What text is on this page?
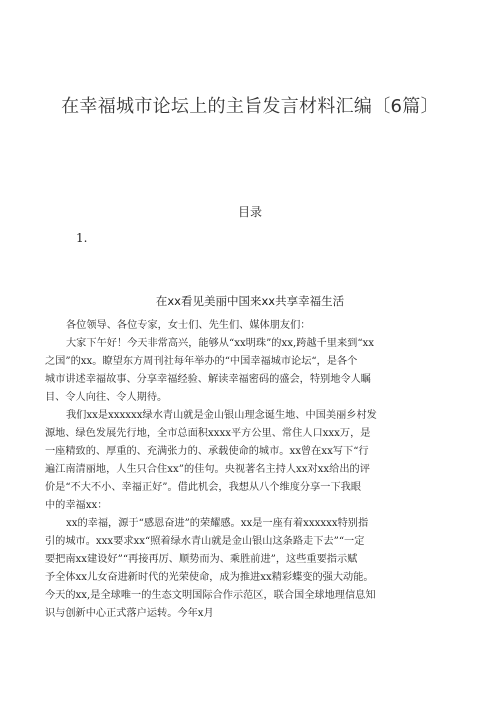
在幸福城市论坛上的主旨发言材料汇编〔6篇〕
目录
1.
在xx看见美丽中国来xx共享幸福生活
各位领导、各位专家，女士们、先生们、媒体朋友们：
大家下午好！今天非常高兴，能够从“xx明珠”的xx,跨越千里来到“xx
之国”的xx。瞭望东方周刊社每年举办的“中国幸福城市论坛“，是各个
城市讲述幸福故事、分享幸福经验、解读幸福密码的盛会，特别地令人瞩
目、令人向往、令人期待。
我们xx是xxxxxx绿水青山就是金山银山理念诞生地、中国美丽乡村发
源地、绿色发展先行地，全市总面积xxxx平方公里、常住人口xxx万，是
一座精致的、厚重的、充满张力的、承载使命的城市。xx曾在xx写下“行
遍江南清丽地，人生只合住xx”的佳句。央视著名主持人xx对xx给出的评
价是“不大不小、幸福正好”。借此机会，我想从八个维度分享一下我眼
中的幸福xx：
xx的幸福，源于“感恩奋进”的荣耀感。xx是一座有着xxxxxx特别指
引的城市。xxx要求xx“照着绿水青山就是金山银山这条路走下去”“一定
要把南xx建设好”“再接再厉、顺势而为、乘胜前进”，这些重要指示赋
予全体xx儿女奋进新时代的光荣使命，成为推进xx精彩蝶变的强大动能。
今天的xx,是全球唯一的生态文明国际合作示范区，联合国全球地理信息知
识与创新中心正式落户运转。今年x月
